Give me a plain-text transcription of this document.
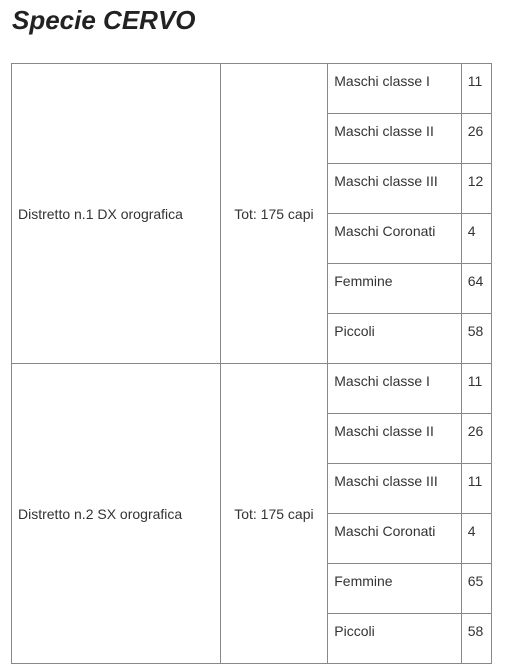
Specie CERVO
Distretto n.1 DX orografica	Tot: 175 capi	Maschi classe I	11
		Maschi classe II	26
		Maschi classe III	12
		Maschi Coronati	4
		Femmine	64
		Piccoli	58
Distretto n.2 SX orografica	Tot: 175 capi	Maschi classe I	11
		Maschi classe II	26
		Maschi classe III	11
		Maschi Coronati	4
		Femmine	65
		Piccoli	58
